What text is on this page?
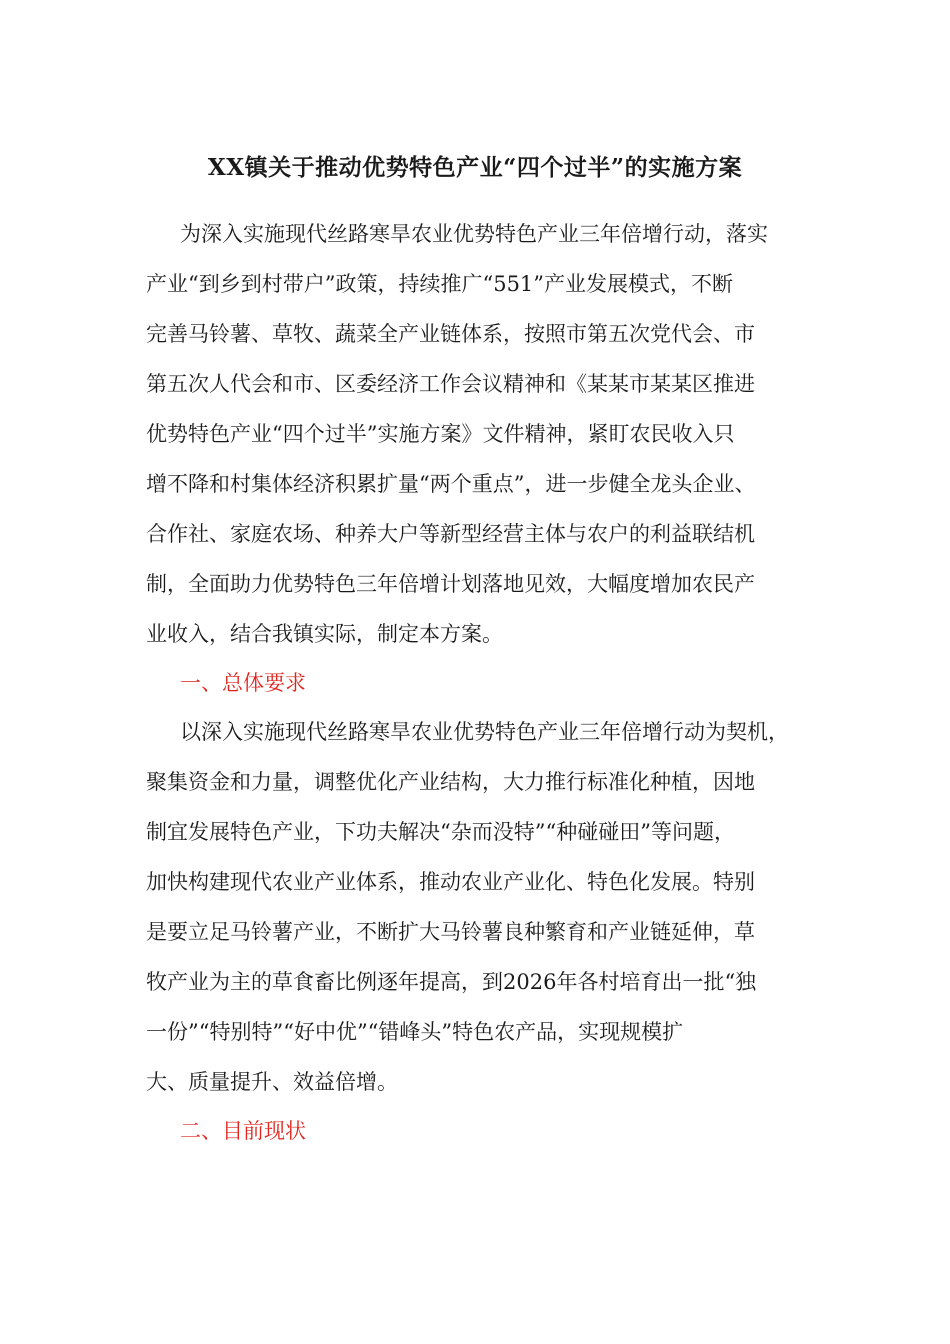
XX镇关于推动优势特色产业“四个过半”的实施方案

为深入实施现代丝路寒旱农业优势特色产业三年倍增行动，落实

产业“到乡到村带户”政策，持续推广“551”产业发展模式，不断

完善马铃薯、草牧、蔬菜全产业链体系，按照市第五次党代会、市

第五次人代会和市、区委经济工作会议精神和《某某市某某区推进

优势特色产业“四个过半”实施方案》文件精神，紧盯农民收入只

增不降和村集体经济积累扩量“两个重点”，进一步健全龙头企业、

合作社、家庭农场、种养大户等新型经营主体与农户的利益联结机

制，全面助力优势特色三年倍增计划落地见效，大幅度增加农民产

业收入，结合我镇实际，制定本方案。

一、总体要求

以深入实施现代丝路寒旱农业优势特色产业三年倍增行动为契机，

聚集资金和力量，调整优化产业结构，大力推行标准化种植，因地

制宜发展特色产业，下功夫解决“杂而没特”“种碰碰田”等问题，

加快构建现代农业产业体系，推动农业产业化、特色化发展。特别

是要立足马铃薯产业，不断扩大马铃薯良种繁育和产业链延伸，草

牧产业为主的草食畜比例逐年提高，到2026年各村培育出一批“独

一份”“特别特”“好中优”“错峰头”特色农产品，实现规模扩

大、质量提升、效益倍增。

二、目前现状
